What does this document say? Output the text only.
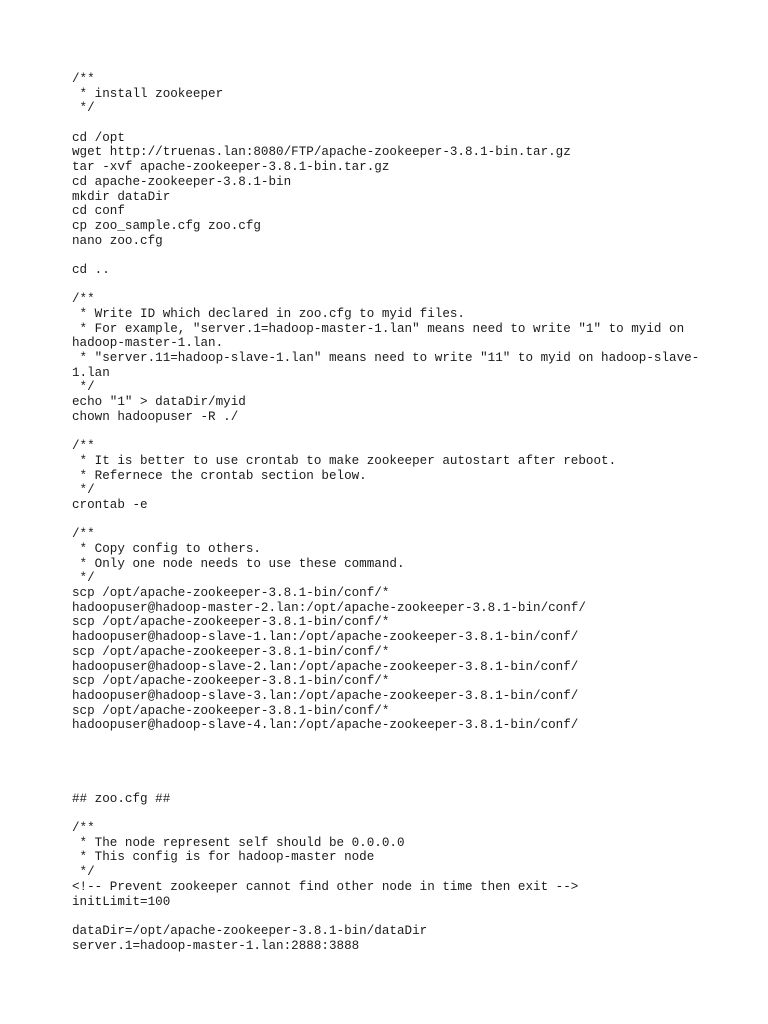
/**
* install zookeeper
*/
cd /opt
wget http://truenas.lan:8080/FTP/apache-zookeeper-3.8.1-bin.tar.gz
tar -xvf apache-zookeeper-3.8.1-bin.tar.gz
cd apache-zookeeper-3.8.1-bin
mkdir dataDir
cd conf
cp zoo_sample.cfg zoo.cfg
nano zoo.cfg
cd ..
/**
* Write ID which declared in zoo.cfg to myid files.
* For example, "server.1=hadoop-master-1.lan" means need to write "1" to myid on
hadoop-master-1.lan.
* "server.11=hadoop-slave-1.lan" means need to write "11" to myid on hadoop-slave-
1.lan
*/
echo "1" > dataDir/myid
chown hadoopuser -R ./
/**
* It is better to use crontab to make zookeeper autostart after reboot.
* Refernece the crontab section below.
*/
crontab -e
/**
* Copy config to others.
* Only one node needs to use these command.
*/
scp /opt/apache-zookeeper-3.8.1-bin/conf/*
hadoopuser@hadoop-master-2.lan:/opt/apache-zookeeper-3.8.1-bin/conf/
scp /opt/apache-zookeeper-3.8.1-bin/conf/*
hadoopuser@hadoop-slave-1.lan:/opt/apache-zookeeper-3.8.1-bin/conf/
scp /opt/apache-zookeeper-3.8.1-bin/conf/*
hadoopuser@hadoop-slave-2.lan:/opt/apache-zookeeper-3.8.1-bin/conf/
scp /opt/apache-zookeeper-3.8.1-bin/conf/*
hadoopuser@hadoop-slave-3.lan:/opt/apache-zookeeper-3.8.1-bin/conf/
scp /opt/apache-zookeeper-3.8.1-bin/conf/*
hadoopuser@hadoop-slave-4.lan:/opt/apache-zookeeper-3.8.1-bin/conf/
## zoo.cfg ##
/**
* The node represent self should be 0.0.0.0
* This config is for hadoop-master node
*/
<!-- Prevent zookeeper cannot find other node in time then exit -->
initLimit=100
dataDir=/opt/apache-zookeeper-3.8.1-bin/dataDir
server.1=hadoop-master-1.lan:2888:3888
